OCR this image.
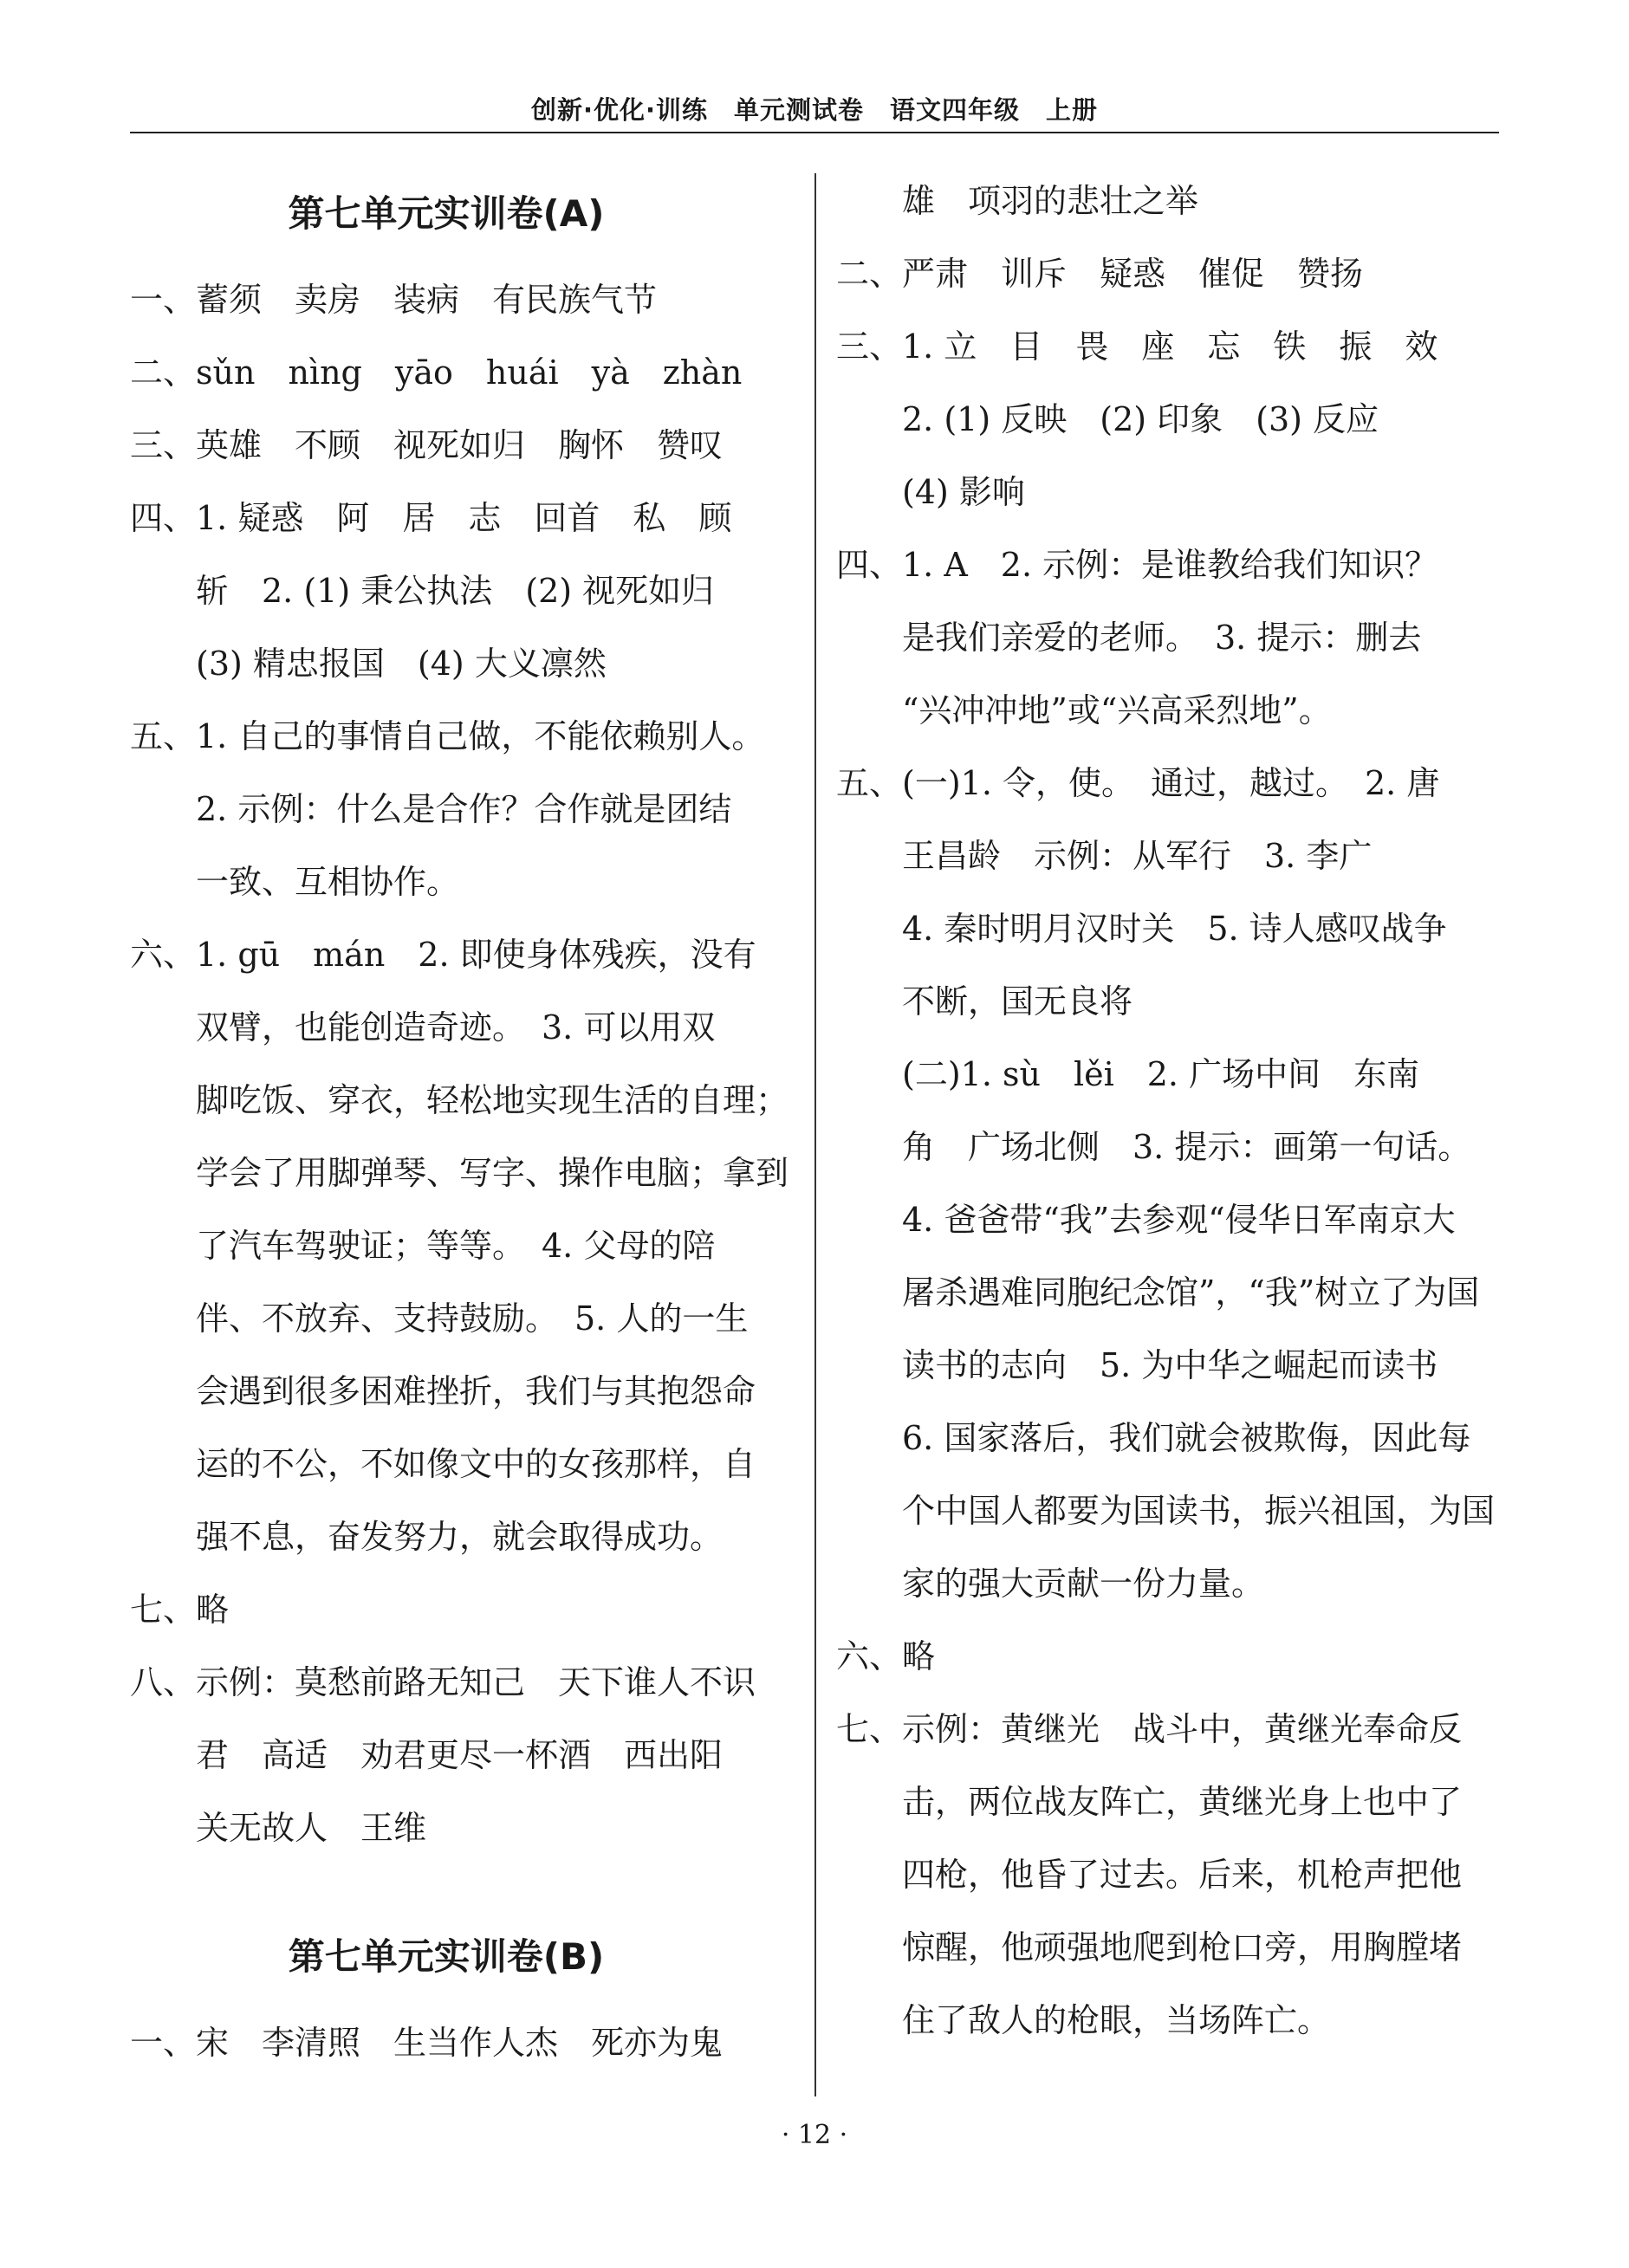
创新·优化·训练　单元测试卷　语文四年级　上册
第七单元实训卷(A)
一、蓄须　卖房　装病　有民族气节
二、sǔn　nìng　yāo　huái　yà　zhàn
三、英雄　不顾　视死如归　胸怀　赞叹
四、1. 疑惑　阿　居　志　回首　私　顾
斩　2. (1) 秉公执法　(2) 视死如归
(3) 精忠报国　(4) 大义凛然
五、1. 自己的事情自己做，不能依赖别人。
2. 示例：什么是合作？合作就是团结
一致、互相协作。
六、1. gū　mán　2. 即使身体残疾，没有
双臂，也能创造奇迹。　3. 可以用双
脚吃饭、穿衣，轻松地实现生活的自理；
学会了用脚弹琴、写字、操作电脑；拿到
了汽车驾驶证；等等。　4. 父母的陪
伴、不放弃、支持鼓励。　5. 人的一生
会遇到很多困难挫折，我们与其抱怨命
运的不公，不如像文中的女孩那样，自
强不息，奋发努力，就会取得成功。
七、略
八、示例：莫愁前路无知己　天下谁人不识
君　高适　劝君更尽一杯酒　西出阳
关无故人　王维
第七单元实训卷(B)
一、宋　李清照　生当作人杰　死亦为鬼
雄　项羽的悲壮之举
二、严肃　训斥　疑惑　催促　赞扬
三、1. 立　目　畏　座　忘　铁　振　效
2. (1) 反映　(2) 印象　(3) 反应
(4) 影响
四、1. A　2. 示例：是谁教给我们知识？
是我们亲爱的老师。　3. 提示：删去
“兴冲冲地”或“兴高采烈地”。
五、(一)1. 令，使。　通过，越过。　2. 唐
王昌龄　示例：从军行　3. 李广
4. 秦时明月汉时关　5. 诗人感叹战争
不断，国无良将
(二)1. sù　lěi　2. 广场中间　东南
角　广场北侧　3. 提示：画第一句话。
4. 爸爸带“我”去参观“侵华日军南京大
屠杀遇难同胞纪念馆”，“我”树立了为国
读书的志向　5. 为中华之崛起而读书
6. 国家落后，我们就会被欺侮，因此每
个中国人都要为国读书，振兴祖国，为国
家的强大贡献一份力量。
六、略
七、示例：黄继光　战斗中，黄继光奉命反
击，两位战友阵亡，黄继光身上也中了
四枪，他昏了过去。后来，机枪声把他
惊醒，他顽强地爬到枪口旁，用胸膛堵
住了敌人的枪眼，当场阵亡。
· 12 ·
